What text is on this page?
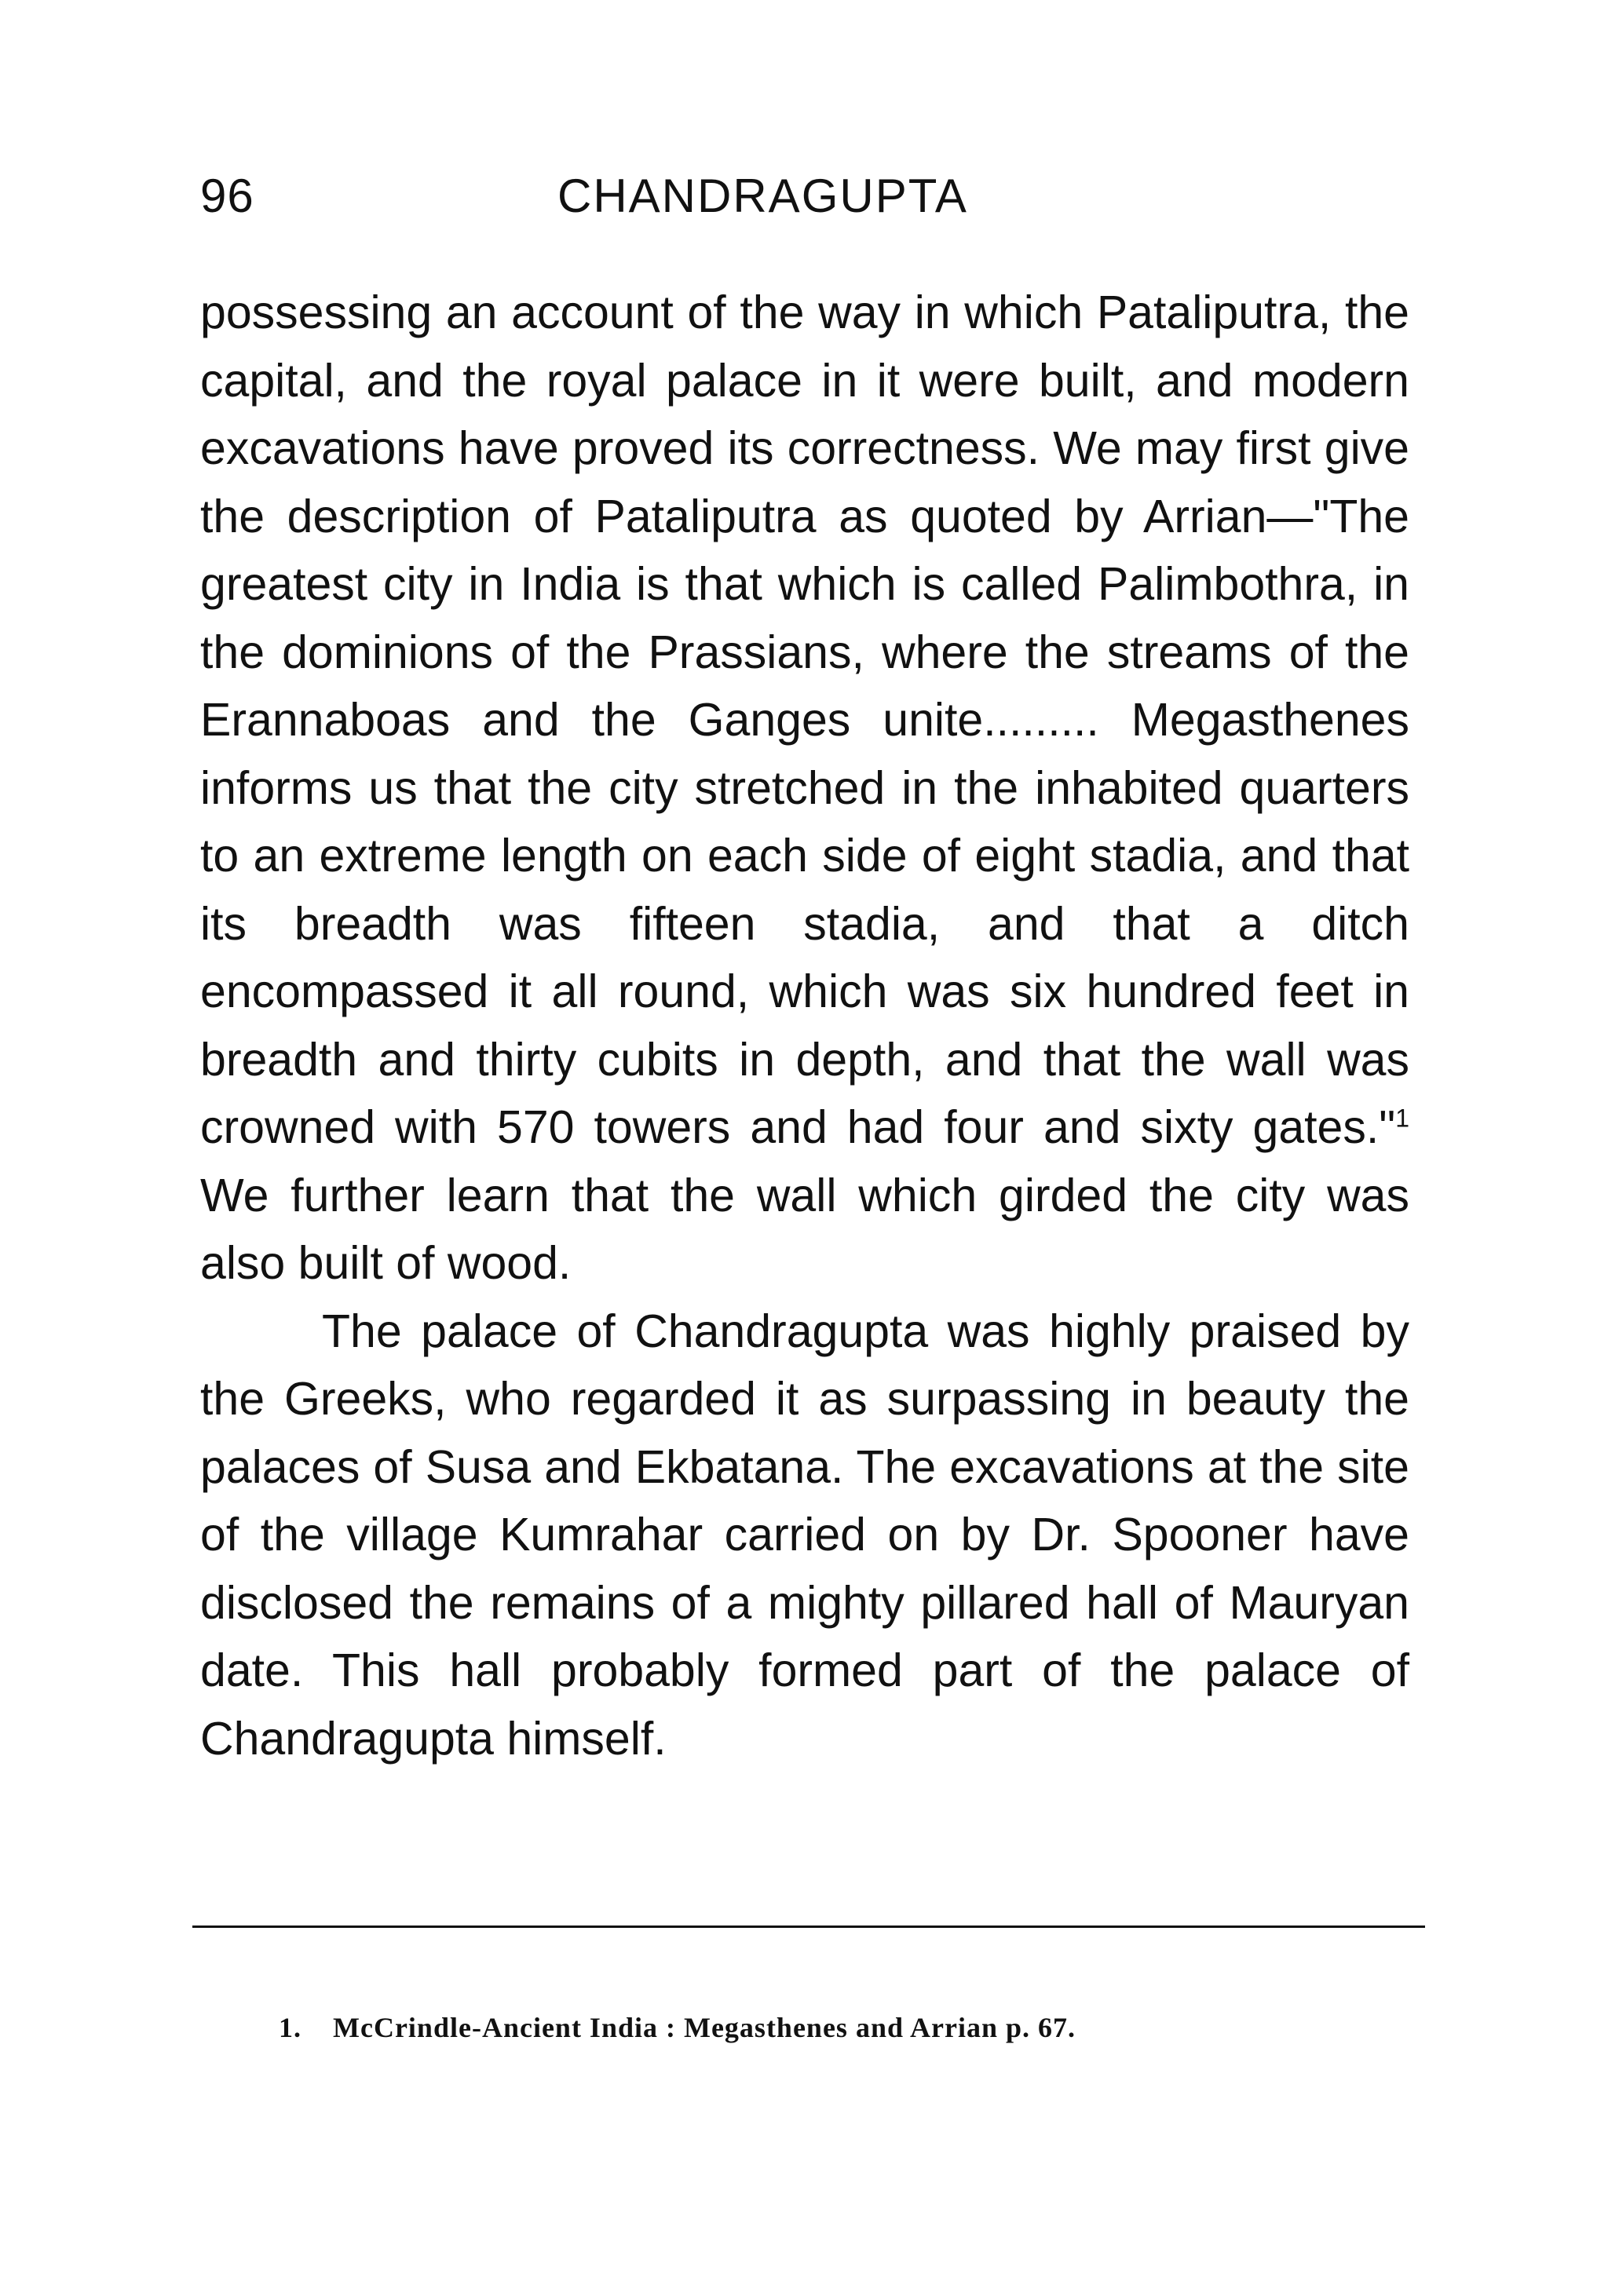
96	CHANDRAGUPTA

possessing an account of the way in which Pataliputra, the capital, and the royal palace in it were built, and modern excavations have proved its correctness. We may first give the description of Pataliputra as quoted by Arrian—"The greatest city in India is that which is called Palimbothra, in the dominions of the Prassians, where the streams of the Erannaboas and the Ganges unite......... Megasthenes informs us that the city stretched in the inhabited quarters to an extreme length on each side of eight stadia, and that its breadth was fifteen stadia, and that a ditch encompassed it all round, which was six hundred feet in breadth and thirty cubits in depth, and that the wall was crowned with 570 towers and had four and sixty gates."$^1$ We further learn that the wall which girded the city was also built of wood.

The palace of Chandragupta was highly praised by the Greeks, who regarded it as surpassing in beauty the palaces of Susa and Ekbatana. The excavations at the site of the village Kumrahar carried on by Dr. Spooner have disclosed the remains of a mighty pillared hall of Mauryan date. This hall probably formed part of the palace of Chandragupta himself.

1. McCrindle-Ancient India : Megasthenes and Arrian p. 67.
